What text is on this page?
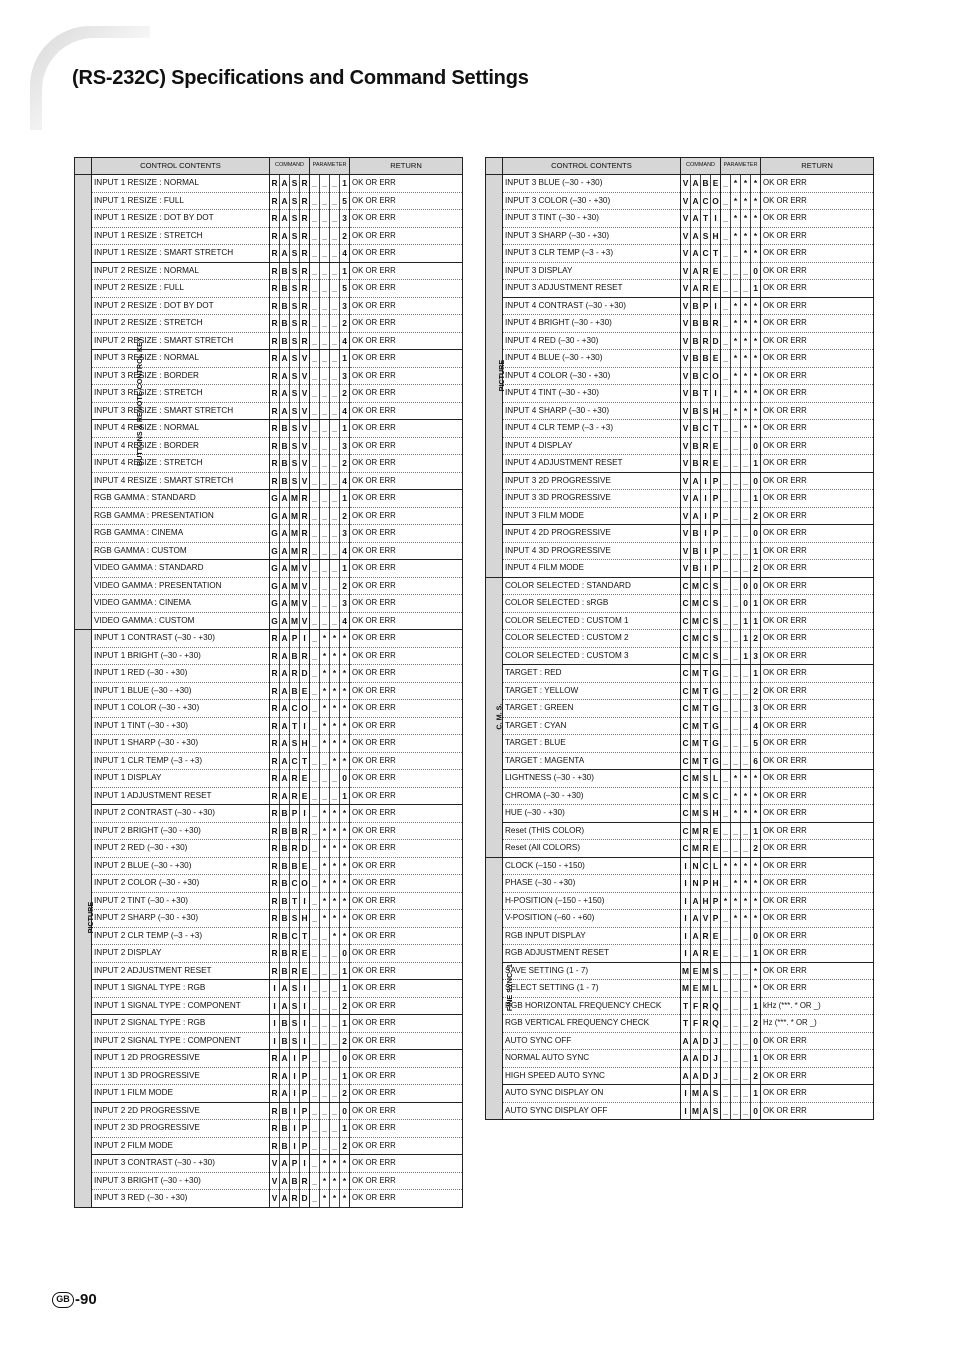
(RS-232C) Specifications and Command Settings
	CONTROL CONTENTS	COMMAND				PARAMETER				RETURN
BUTTONS & REMOTE CONTROL KEY	INPUT 1 RESIZE : NORMAL	R	A	S	R	_	_	_	1	OK OR ERR
	INPUT 1 RESIZE : FULL	R	A	S	R	_	_	_	5	OK OR ERR
	INPUT 1 RESIZE : DOT BY DOT	R	A	S	R	_	_	_	3	OK OR ERR
	INPUT 1 RESIZE : STRETCH	R	A	S	R	_	_	_	2	OK OR ERR
	INPUT 1 RESIZE : SMART STRETCH	R	A	S	R	_	_	_	4	OK OR ERR
	INPUT 2 RESIZE : NORMAL	R	B	S	R	_	_	_	1	OK OR ERR
	INPUT 2 RESIZE : FULL	R	B	S	R	_	_	_	5	OK OR ERR
	INPUT 2 RESIZE : DOT BY DOT	R	B	S	R	_	_	_	3	OK OR ERR
	INPUT 2 RESIZE : STRETCH	R	B	S	R	_	_	_	2	OK OR ERR
	INPUT 2 RESIZE : SMART STRETCH	R	B	S	R	_	_	_	4	OK OR ERR
	INPUT 3 RESIZE : NORMAL	R	A	S	V	_	_	_	1	OK OR ERR
	INPUT 3 RESIZE : BORDER	R	A	S	V	_	_	_	3	OK OR ERR
	INPUT 3 RESIZE : STRETCH	R	A	S	V	_	_	_	2	OK OR ERR
	INPUT 3 RESIZE : SMART STRETCH	R	A	S	V	_	_	_	4	OK OR ERR
	INPUT 4 RESIZE : NORMAL	R	B	S	V	_	_	_	1	OK OR ERR
	INPUT 4 RESIZE : BORDER	R	B	S	V	_	_	_	3	OK OR ERR
	INPUT 4 RESIZE : STRETCH	R	B	S	V	_	_	_	2	OK OR ERR
	INPUT 4 RESIZE : SMART STRETCH	R	B	S	V	_	_	_	4	OK OR ERR
	RGB GAMMA : STANDARD	G	A	M	R	_	_	_	1	OK OR ERR
	RGB GAMMA : PRESENTATION	G	A	M	R	_	_	_	2	OK OR ERR
	RGB GAMMA : CINEMA	G	A	M	R	_	_	_	3	OK OR ERR
	RGB GAMMA : CUSTOM	G	A	M	R	_	_	_	4	OK OR ERR
	VIDEO GAMMA : STANDARD	G	A	M	V	_	_	_	1	OK OR ERR
	VIDEO GAMMA : PRESENTATION	G	A	M	V	_	_	_	2	OK OR ERR
	VIDEO GAMMA : CINEMA	G	A	M	V	_	_	_	3	OK OR ERR
	VIDEO GAMMA : CUSTOM	G	A	M	V	_	_	_	4	OK OR ERR
PICTURE	INPUT 1 CONTRAST (–30 - +30)	R	A	P	I	_	*	*	*	OK OR ERR
	INPUT 1 BRIGHT (–30 - +30)	R	A	B	R	_	*	*	*	OK OR ERR
	INPUT 1 RED (–30 - +30)	R	A	R	D	_	*	*	*	OK OR ERR
	INPUT 1 BLUE (–30 - +30)	R	A	B	E	_	*	*	*	OK OR ERR
	INPUT 1 COLOR (–30 - +30)	R	A	C	O	_	*	*	*	OK OR ERR
	INPUT 1 TINT (–30 - +30)	R	A	T	I	_	*	*	*	OK OR ERR
	INPUT 1 SHARP (–30 - +30)	R	A	S	H	_	*	*	*	OK OR ERR
	INPUT 1 CLR TEMP (–3 - +3)	R	A	C	T	_	_	*	*	OK OR ERR
	INPUT 1 DISPLAY	R	A	R	E	_	_	_	0	OK OR ERR
	INPUT 1 ADJUSTMENT RESET	R	A	R	E	_	_	_	1	OK OR ERR
	INPUT 2 CONTRAST (–30 - +30)	R	B	P	I	_	*	*	*	OK OR ERR
	INPUT 2 BRIGHT (–30 - +30)	R	B	B	R	_	*	*	*	OK OR ERR
	INPUT 2 RED (–30 - +30)	R	B	R	D	_	*	*	*	OK OR ERR
	INPUT 2 BLUE (–30 - +30)	R	B	B	E	_	*	*	*	OK OR ERR
	INPUT 2 COLOR (–30 - +30)	R	B	C	O	_	*	*	*	OK OR ERR
	INPUT 2 TINT (–30 - +30)	R	B	T	I	_	*	*	*	OK OR ERR
	INPUT 2 SHARP (–30 - +30)	R	B	S	H	_	*	*	*	OK OR ERR
	INPUT 2 CLR TEMP (–3 - +3)	R	B	C	T	_	_	*	*	OK OR ERR
	INPUT 2 DISPLAY	R	B	R	E	_	_	_	0	OK OR ERR
	INPUT 2 ADJUSTMENT RESET	R	B	R	E	_	_	_	1	OK OR ERR
	INPUT 1 SIGNAL TYPE : RGB	I	A	S	I	_	_	_	1	OK OR ERR
	INPUT 1 SIGNAL TYPE : COMPONENT	I	A	S	I	_	_	_	2	OK OR ERR
	INPUT 2 SIGNAL TYPE : RGB	I	B	S	I	_	_	_	1	OK OR ERR
	INPUT 2 SIGNAL TYPE : COMPONENT	I	B	S	I	_	_	_	2	OK OR ERR
	INPUT 1 2D PROGRESSIVE	R	A	I	P	_	_	_	0	OK OR ERR
	INPUT 1 3D PROGRESSIVE	R	A	I	P	_	_	_	1	OK OR ERR
	INPUT 1 FILM MODE	R	A	I	P	_	_	_	2	OK OR ERR
	INPUT 2 2D PROGRESSIVE	R	B	I	P	_	_	_	0	OK OR ERR
	INPUT 2 3D PROGRESSIVE	R	B	I	P	_	_	_	1	OK OR ERR
	INPUT 2 FILM MODE	R	B	I	P	_	_	_	2	OK OR ERR
	INPUT 3 CONTRAST (–30 - +30)	V	A	P	I	_	*	*	*	OK OR ERR
	INPUT 3 BRIGHT (–30 - +30)	V	A	B	R	_	*	*	*	OK OR ERR
	INPUT 3 RED (–30 - +30)	V	A	R	D	_	*	*	*	OK OR ERR
	CONTROL CONTENTS	COMMAND				PARAMETER				RETURN
PICTURE	INPUT 3 BLUE (–30 - +30)	V	A	B	E	_	*	*	*	OK OR ERR
	INPUT 3 COLOR (–30 - +30)	V	A	C	O	_	*	*	*	OK OR ERR
	INPUT 3 TINT (–30 - +30)	V	A	T	I	_	*	*	*	OK OR ERR
	INPUT 3 SHARP (–30 - +30)	V	A	S	H	_	*	*	*	OK OR ERR
	INPUT 3 CLR TEMP (–3 - +3)	V	A	C	T	_	_	*	*	OK OR ERR
	INPUT 3 DISPLAY	V	A	R	E	_	_	_	0	OK OR ERR
	INPUT 3 ADJUSTMENT RESET	V	A	R	E	_	_	_	1	OK OR ERR
	INPUT 4 CONTRAST (–30 - +30)	V	B	P	I	_	*	*	*	OK OR ERR
	INPUT 4 BRIGHT (–30 - +30)	V	B	B	R	_	*	*	*	OK OR ERR
	INPUT 4 RED (–30 - +30)	V	B	R	D	_	*	*	*	OK OR ERR
	INPUT 4 BLUE (–30 - +30)	V	B	B	E	_	*	*	*	OK OR ERR
	INPUT 4 COLOR (–30 - +30)	V	B	C	O	_	*	*	*	OK OR ERR
	INPUT 4 TINT (–30 - +30)	V	B	T	I	_	*	*	*	OK OR ERR
	INPUT 4 SHARP (–30 - +30)	V	B	S	H	_	*	*	*	OK OR ERR
	INPUT 4 CLR TEMP (–3 - +3)	V	B	C	T	_	_	*	*	OK OR ERR
	INPUT 4 DISPLAY	V	B	R	E	_	_	_	0	OK OR ERR
	INPUT 4 ADJUSTMENT RESET	V	B	R	E	_	_	_	1	OK OR ERR
	INPUT 3 2D PROGRESSIVE	V	A	I	P	_	_	_	0	OK OR ERR
	INPUT 3 3D PROGRESSIVE	V	A	I	P	_	_	_	1	OK OR ERR
	INPUT 3 FILM MODE	V	A	I	P	_	_	_	2	OK OR ERR
	INPUT 4 2D PROGRESSIVE	V	B	I	P	_	_	_	0	OK OR ERR
	INPUT 4 3D PROGRESSIVE	V	B	I	P	_	_	_	1	OK OR ERR
	INPUT 4 FILM MODE	V	B	I	P	_	_	_	2	OK OR ERR
C. M. S.	COLOR SELECTED : STANDARD	C	M	C	S	_	_	0	0	OK OR ERR
	COLOR SELECTED : sRGB	C	M	C	S	_	_	0	1	OK OR ERR
	COLOR SELECTED : CUSTOM 1	C	M	C	S	_	_	1	1	OK OR ERR
	COLOR SELECTED : CUSTOM 2	C	M	C	S	_	_	1	2	OK OR ERR
	COLOR SELECTED : CUSTOM 3	C	M	C	S	_	_	1	3	OK OR ERR
	TARGET : RED	C	M	T	G	_	_	_	1	OK OR ERR
	TARGET : YELLOW	C	M	T	G	_	_	_	2	OK OR ERR
	TARGET : GREEN	C	M	T	G	_	_	_	3	OK OR ERR
	TARGET : CYAN	C	M	T	G	_	_	_	4	OK OR ERR
	TARGET : BLUE	C	M	T	G	_	_	_	5	OK OR ERR
	TARGET : MAGENTA	C	M	T	G	_	_	_	6	OK OR ERR
	LIGHTNESS (–30 - +30)	C	M	S	L	_	*	*	*	OK OR ERR
	CHROMA (–30 - +30)	C	M	S	C	_	*	*	*	OK OR ERR
	HUE (–30 - +30)	C	M	S	H	_	*	*	*	OK OR ERR
	Reset (THIS COLOR)	C	M	R	E	_	_	_	1	OK OR ERR
	Reset (All COLORS)	C	M	R	E	_	_	_	2	OK OR ERR
FINE SYNC *1	CLOCK (–150 - +150)	I	N	C	L	*	*	*	*	OK OR ERR
	PHASE (–30 - +30)	I	N	P	H	_	*	*	*	OK OR ERR
	H-POSITION (–150 - +150)	I	A	H	P	*	*	*	*	OK OR ERR
	V-POSITION (–60 - +60)	I	A	V	P	_	*	*	*	OK OR ERR
	RGB INPUT DISPLAY	I	A	R	E	_	_	_	0	OK OR ERR
	RGB ADJUSTMENT RESET	I	A	R	E	_	_	_	1	OK OR ERR
	SAVE SETTING (1 - 7)	M	E	M	S	_	_	_	*	OK OR ERR
	SELECT SETTING (1 - 7)	M	E	M	L	_	_	_	*	OK OR ERR
	RGB HORIZONTAL FREQUENCY CHECK	T	F	R	Q	_	_	_	1	kHz (***. * OR _)
	RGB VERTICAL FREQUENCY CHECK	T	F	R	Q	_	_	_	2	Hz (***. * OR _)
	AUTO SYNC OFF	A	A	D	J	_	_	_	0	OK OR ERR
	NORMAL AUTO SYNC	A	A	D	J	_	_	_	1	OK OR ERR
	HIGH SPEED AUTO SYNC	A	A	D	J	_	_	_	2	OK OR ERR
	AUTO SYNC DISPLAY ON	I	M	A	S	_	_	_	1	OK OR ERR
	AUTO SYNC DISPLAY OFF	I	M	A	S	_	_	_	0	OK OR ERR
GB -90
